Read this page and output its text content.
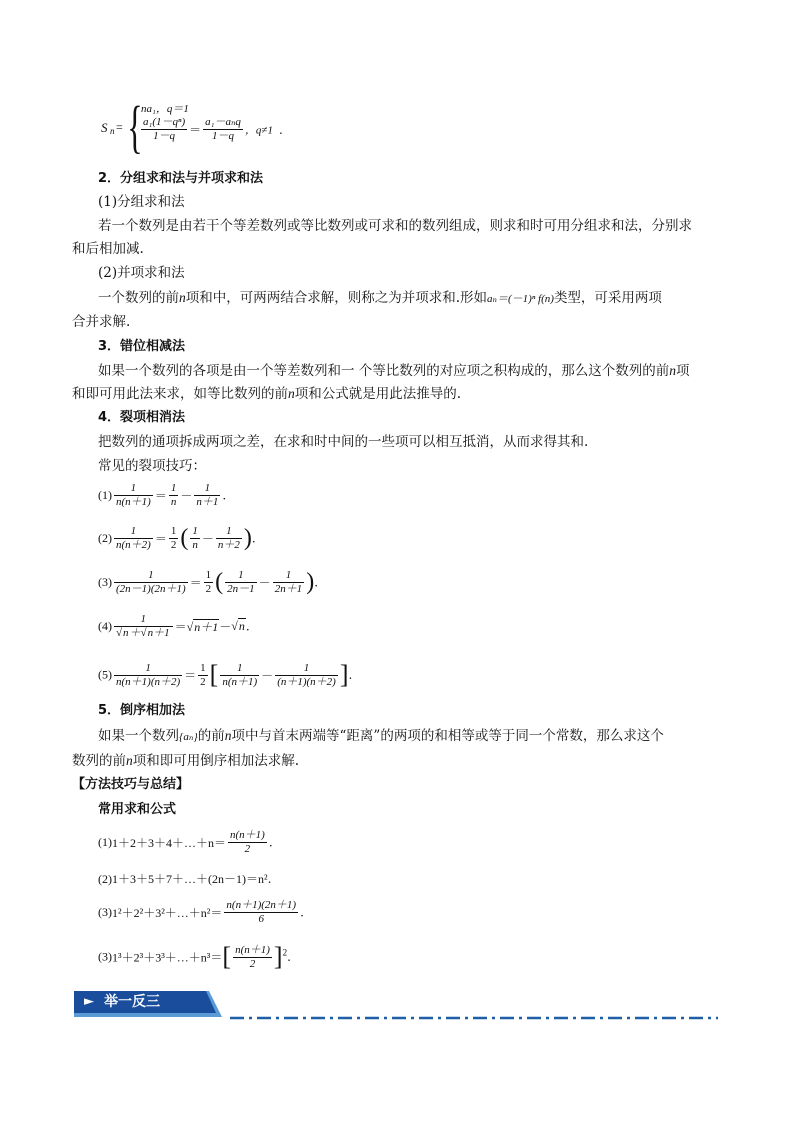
S n = {
na₁，q＝1
$\frac{\text{a₁(1－qⁿ)}}{1-q}$ ＝
a₁－aₙq
1－q ，q≠1 .
2．分组求和法与并项求和法
(1)分组求和法
若一个数列是由若干个等差数列或等比数列或可求和的数列组成，则求和时可用分组求和法，分别求
和后相加减.
(2)并项求和法
一个数列的前n项和中，可两两结合求解，则称之为并项求和.形如aₙ＝(－1)ⁿ f(n)类型，可采用两项
合并求解.
3．错位相减法
如果一个数列的各项是由一个等差数列和一 个等比数列的对应项之积构成的，那么这个数列的前n项
和即可用此法来求，如等比数列的前n项和公式就是用此法推导的.
4．裂项相消法
把数列的通项拆成两项之差，在求和时中间的一些项可以相互抵消，从而求得其和.
常见的裂项技巧：
$(1) \frac{1}{n(n+1)} = \frac{1}{n} - \frac{1}{n+1}$ .
$(2) \frac{1}{n(n+2)} = \frac{1}{2}$ ( $\frac{1}{n} - \frac{1}{n+2}$ ).
$(3) \frac{1}{(2n-1)(2n+1)} = \frac{1}{2}$ ( $\frac{1}{2n-1} - \frac{1}{2n+1}$ ).
$(4) \frac{1}{√n+√n+1} =√n+1-√n$.
$(5) \frac{1}{n(n+1)(n+2)} = \frac{1}{2}$ [ $\frac{1}{n(n+1)} - \frac{1}{(n+1)(n+2)}$ ].
5．倒序相加法
如果一个数列{aₙ}的前n项中与首末两端等“距离”的两项的和相等或等于同一个常数，那么求这个
数列的前n项和即可用倒序相加法求解.
【方法技巧与总结】
常用求和公式
(1)1＋2＋3＋4＋…＋n＝ $\frac{n(n+1)}{2}$ .
(2)1＋3＋5＋7＋…＋(2n－1)＝n².
(3)1²＋2²＋3²＋…＋n²＝ $\frac{n(n+1)(2n+1)}{6}$ .
(3)1³＋2³＋3³＋…＋n³＝[ $\frac{n(n+1)}{2} ]^2$.
► 举一反三
